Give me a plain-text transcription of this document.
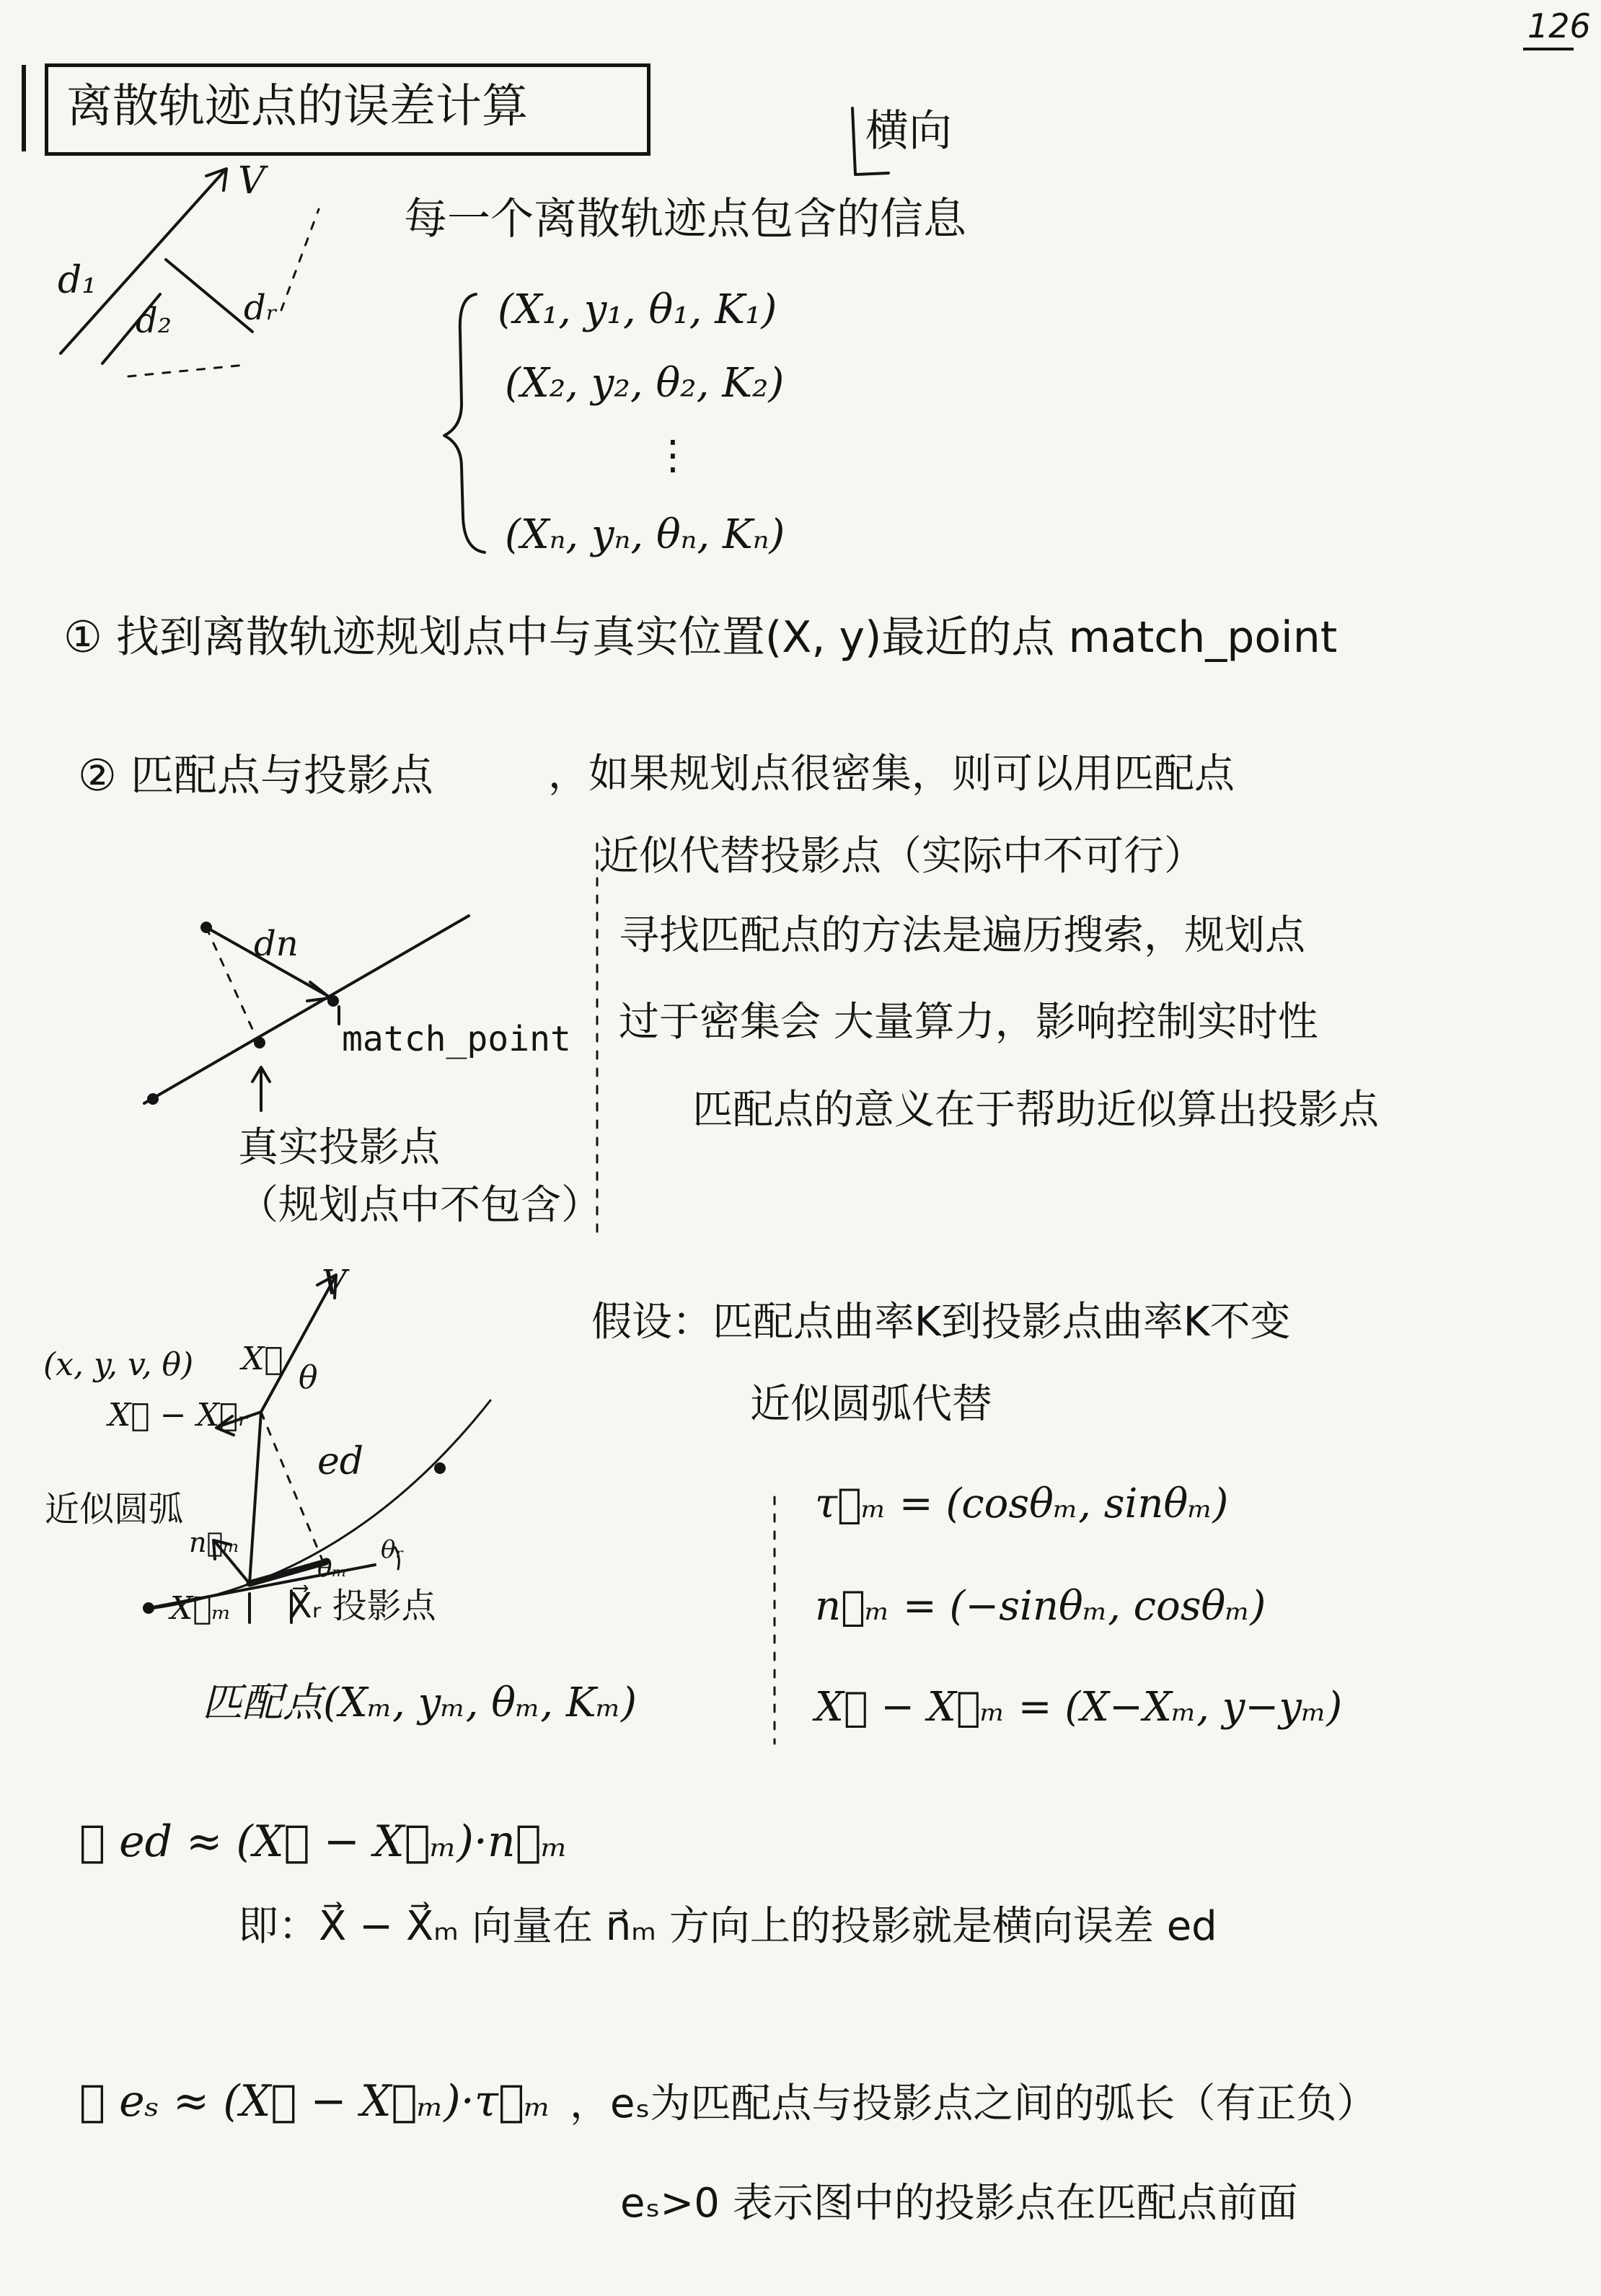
126
离散轨迹点的误差计算	横向
每一个离散轨迹点包含的信息
(X₁, y₁, θ₁, K₁)
(X₂, y₂, θ₂, K₂)
⋮
(Xₙ, yₙ, θₙ, Kₙ)
V
d₁
d₂ dᵣ
① 找到离散轨迹规划点中与真实位置(X, y)最近的点 match_point
② 匹配点与投影点	，如果规划点很密集，则可以用匹配点
近似代替投影点（实际中不可行）
寻找匹配点的方法是遍历搜索，规划点
过于密集会 大量算力，影响控制实时性
匹配点的意义在于帮助近似算出投影点
dn
match_point
真实投影点
（规划点中不包含）
V
(x, y, v, θ) X⃗
θ
X⃗ − X⃗ᵣ
ed
近似圆弧
n⃗ₘ
θₘ
θᵣ
X⃗ₘ X⃗ᵣ 投影点
匹配点(Xₘ, yₘ, θₘ, Kₘ)
假设：匹配点曲率K到投影点曲率K不变
近似圆弧代替
τ⃗ₘ = (cosθₘ, sinθₘ)
n⃗ₘ = (−sinθₘ, cosθₘ)
X⃗ − X⃗ₘ = (X−Xₘ, y−yₘ)
③ ed ≈ (X⃗ − X⃗ₘ)·n⃗ₘ
即：X⃗ − X⃗ₘ 向量在 n⃗ₘ 方向上的投影就是横向误差 ed
④ eₛ ≈ (X⃗ − X⃗ₘ)·τ⃗ₘ ，eₛ为匹配点与投影点之间的弧长（有正负）
eₛ>0 表示图中的投影点在匹配点前面
